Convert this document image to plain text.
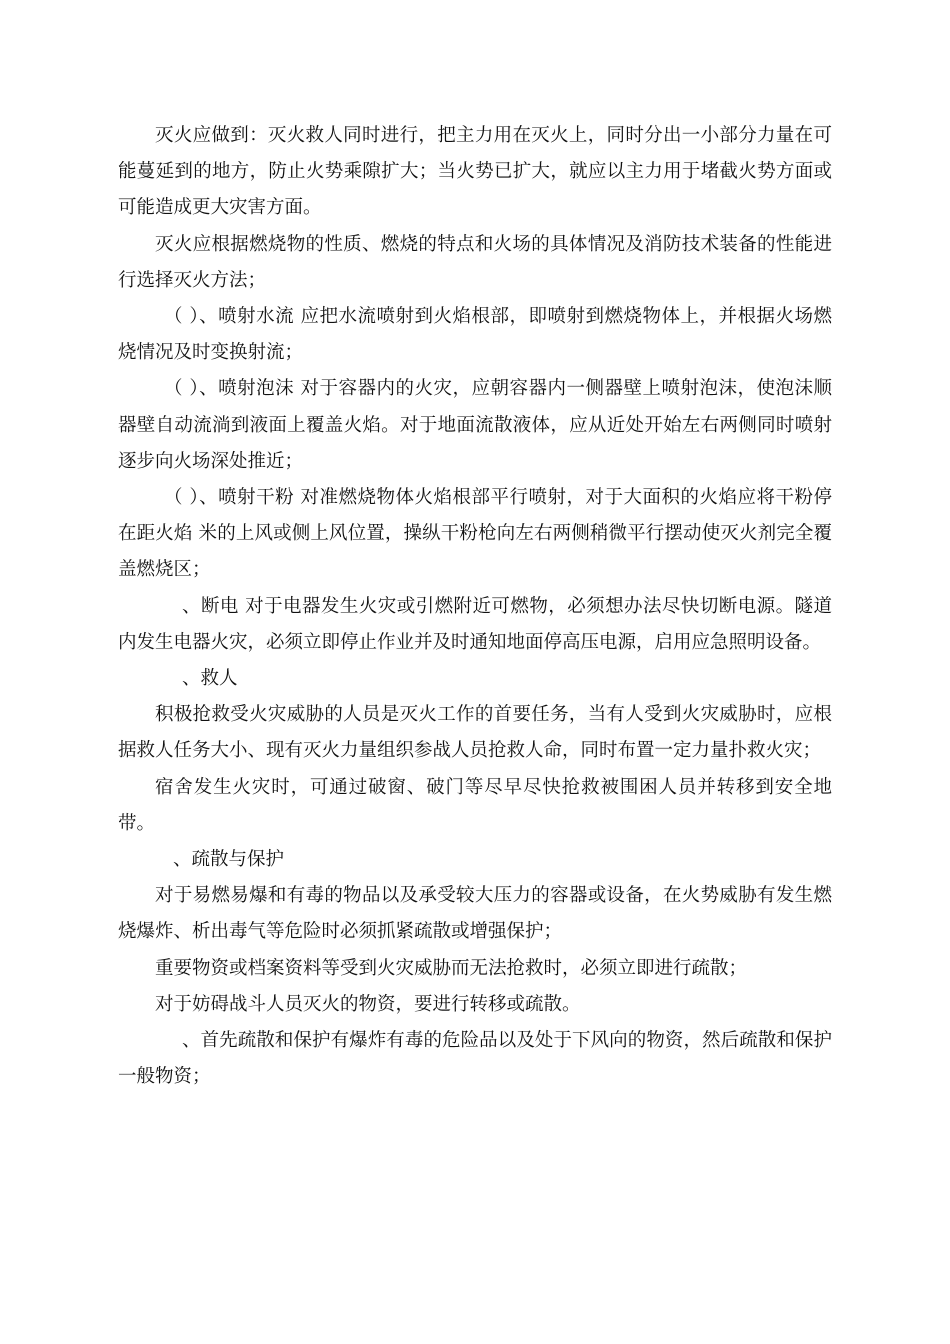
灭火应做到：灭火救人同时进行，把主力用在灭火上，同时分出一小部分力量在可能蔓延到的地方，防止火势乘隙扩大；当火势已扩大，就应以主力用于堵截火势方面或可能造成更大灾害方面。

灭火应根据燃烧物的性质、燃烧的特点和火场的具体情况及消防技术装备的性能进行选择灭火方法；

（ ）、喷射水流 应把水流喷射到火焰根部，即喷射到燃烧物体上，并根据火场燃烧情况及时变换射流；

（ ）、喷射泡沫 对于容器内的火灾，应朝容器内一侧器壁上喷射泡沫，使泡沫顺器壁自动流淌到液面上覆盖火焰。对于地面流散液体，应从近处开始左右两侧同时喷射逐步向火场深处推近；

（ ）、喷射干粉 对准燃烧物体火焰根部平行喷射，对于大面积的火焰应将干粉停在距火焰 米的上风或侧上风位置，操纵干粉枪向左右两侧稍微平行摆动使灭火剂完全覆盖燃烧区；

、断电 对于电器发生火灾或引燃附近可燃物，必须想办法尽快切断电源。隧道内发生电器火灾，必须立即停止作业并及时通知地面停高压电源，启用应急照明设备。

、救人

积极抢救受火灾威胁的人员是灭火工作的首要任务，当有人受到火灾威胁时，应根据救人任务大小、现有灭火力量组织参战人员抢救人命，同时布置一定力量扑救火灾；

宿舍发生火灾时，可通过破窗、破门等尽早尽快抢救被围困人员并转移到安全地带。

、疏散与保护

对于易燃易爆和有毒的物品以及承受较大压力的容器或设备，在火势威胁有发生燃烧爆炸、析出毒气等危险时必须抓紧疏散或增强保护；

重要物资或档案资料等受到火灾威胁而无法抢救时，必须立即进行疏散；

对于妨碍战斗人员灭火的物资，要进行转移或疏散。

、首先疏散和保护有爆炸有毒的危险品以及处于下风向的物资，然后疏散和保护一般物资；
